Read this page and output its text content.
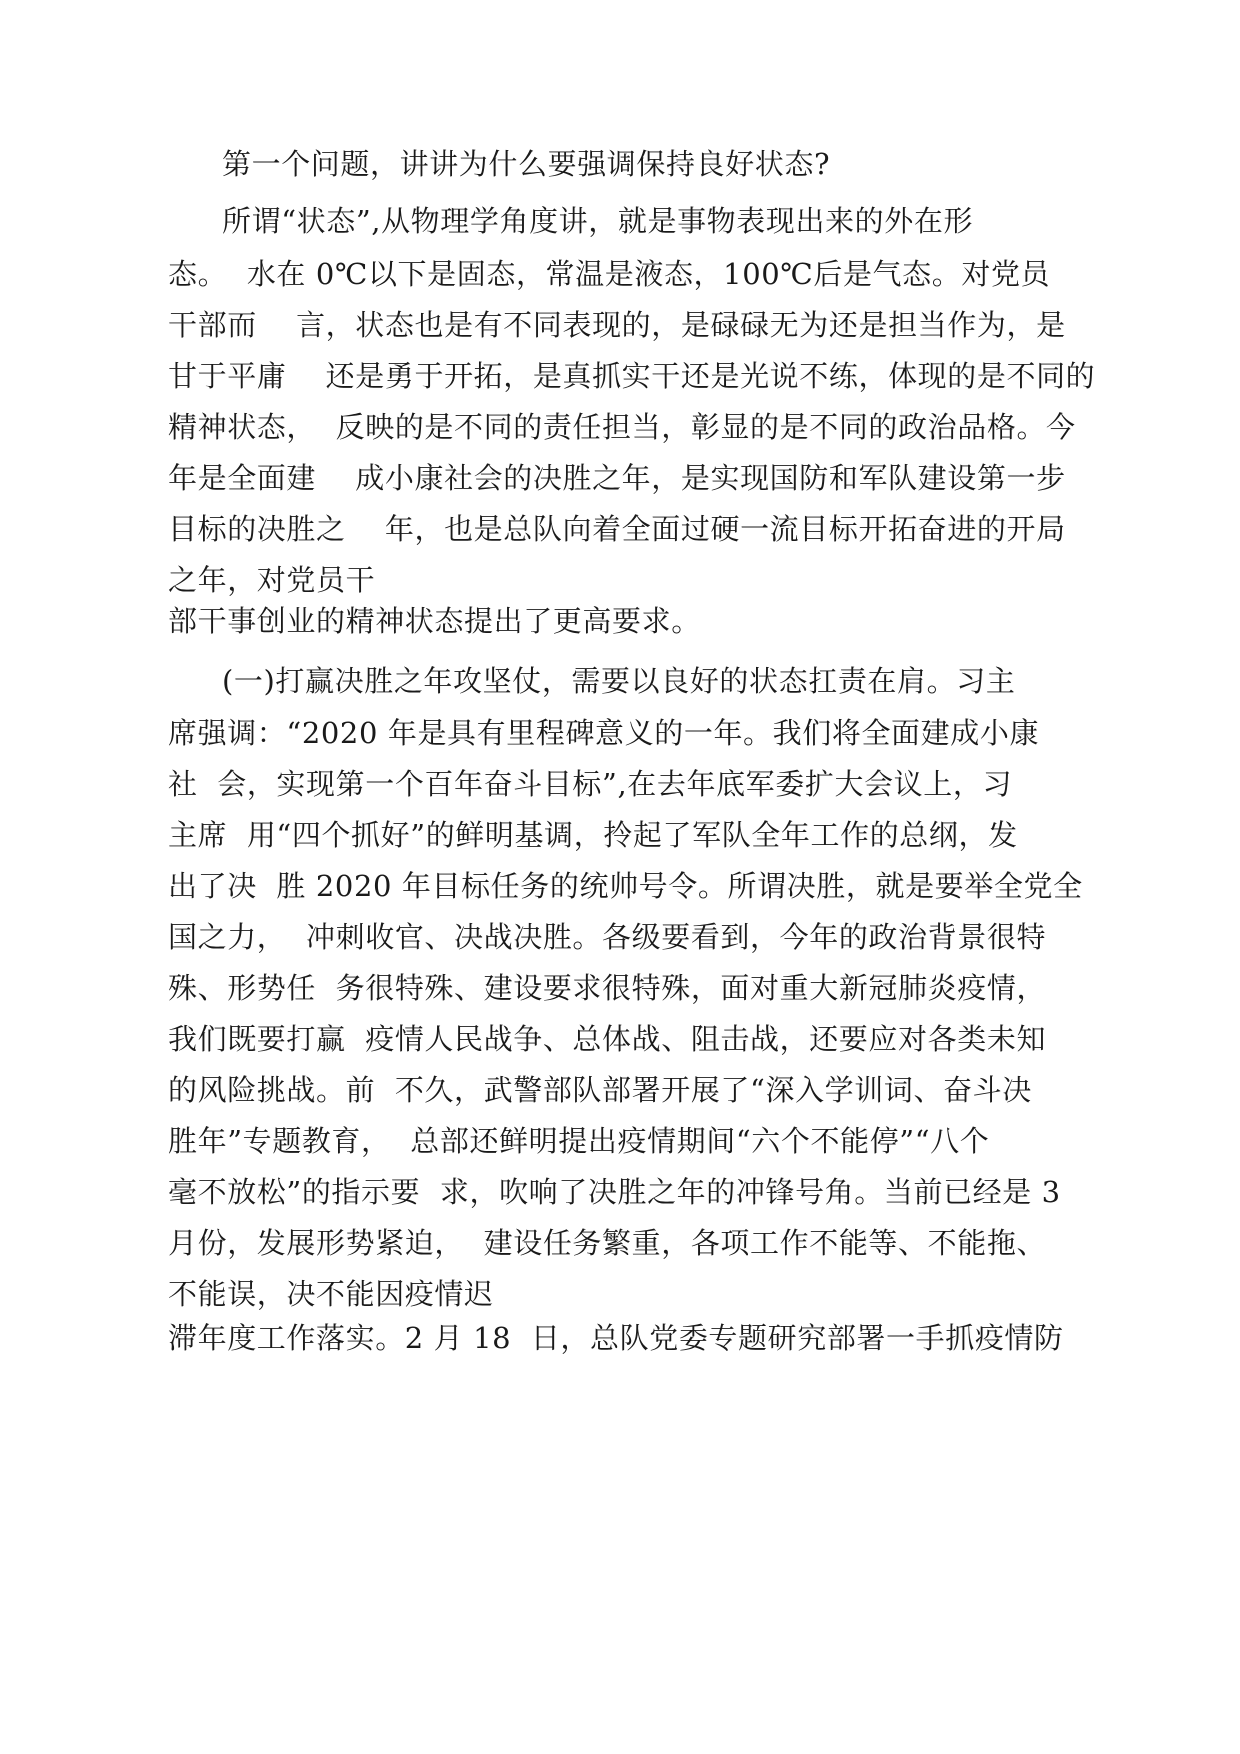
第一个问题，讲讲为什么要强调保持良好状态?
所谓“状态”,从物理学角度讲，就是事物表现出来的外在形
态。  水在 0℃以下是固态，常温是液态，100℃后是气态。对党员
干部而    言，状态也是有不同表现的，是碌碌无为还是担当作为，是
甘于平庸    还是勇于开拓，是真抓实干还是光说不练，体现的是不同的
精神状态，  反映的是不同的责任担当，彰显的是不同的政治品格。今
年是全面建    成小康社会的决胜之年，是实现国防和军队建设第一步
目标的决胜之    年，也是总队向着全面过硬一流目标开拓奋进的开局
之年，对党员干
部干事创业的精神状态提出了更高要求。
(一)打赢决胜之年攻坚仗，需要以良好的状态扛责在肩。习主
席强调：“2020 年是具有里程碑意义的一年。我们将全面建成小康
社  会，实现第一个百年奋斗目标”,在去年底军委扩大会议上，习
主席  用“四个抓好”的鲜明基调，拎起了军队全年工作的总纲，发
出了决  胜 2020 年目标任务的统帅号令。所谓决胜，就是要举全党全
国之力，  冲刺收官、决战决胜。各级要看到，今年的政治背景很特
殊、形势任  务很特殊、建设要求很特殊，面对重大新冠肺炎疫情，
我们既要打赢  疫情人民战争、总体战、阻击战，还要应对各类未知
的风险挑战。前  不久，武警部队部署开展了“深入学训词、奋斗决
胜年”专题教育，  总部还鲜明提出疫情期间“六个不能停”“八个
毫不放松”的指示要  求，吹响了决胜之年的冲锋号角。当前已经是 3
月份，发展形势紧迫，  建设任务繁重，各项工作不能等、不能拖、
不能误，决不能因疫情迟
滞年度工作落实。2 月 18  日，总队党委专题研究部署一手抓疫情防
